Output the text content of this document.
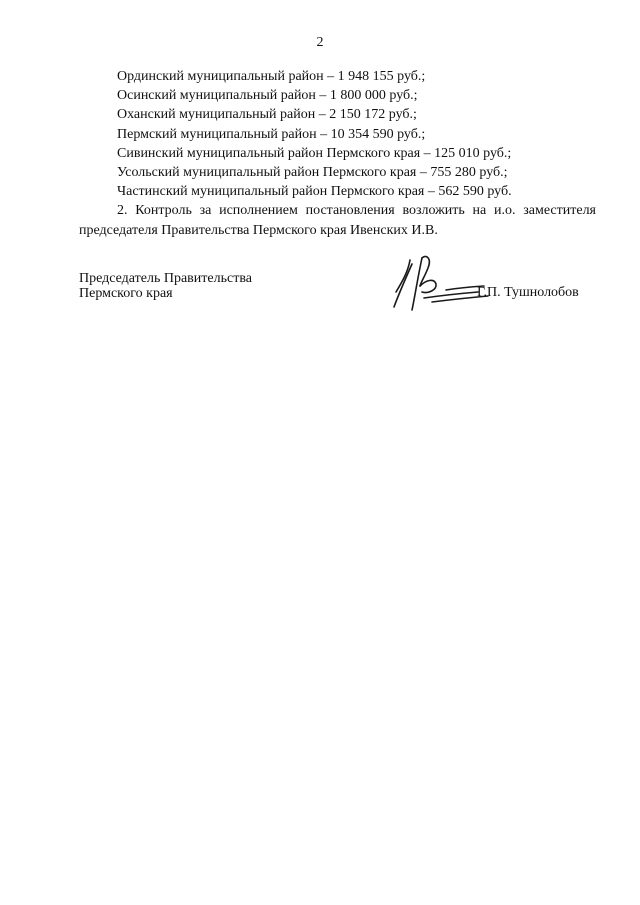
2
Ординский муниципальный район – 1 948 155 руб.;
Осинский муниципальный район – 1 800 000 руб.;
Оханский муниципальный район – 2 150 172 руб.;
Пермский муниципальный район – 10 354 590 руб.;
Сивинский муниципальный район Пермского края – 125 010 руб.;
Усольский муниципальный район Пермского края – 755 280 руб.;
Частинский муниципальный район Пермского края – 562 590 руб.
2. Контроль за исполнением постановления возложить на и.о. заместителя
председателя Правительства Пермского края Ивенских И.В.
Председатель Правительства
Пермского края	Г.П. Тушнолобов
